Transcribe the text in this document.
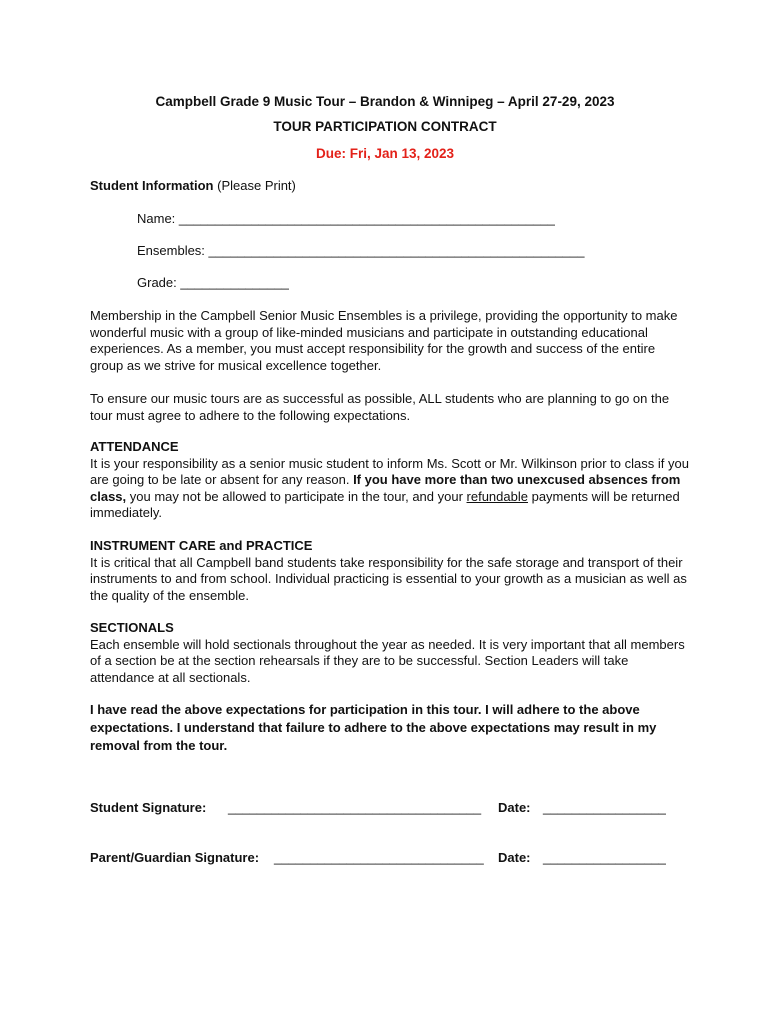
Campbell Grade 9 Music Tour – Brandon & Winnipeg – April 27-29, 2023
TOUR PARTICIPATION CONTRACT
Due: Fri, Jan 13, 2023
Student Information (Please Print)
Name: ____________________________________________________
Ensembles: ____________________________________________________
Grade: _______________
Membership in the Campbell Senior Music Ensembles is a privilege, providing the opportunity to make wonderful music with a group of like-minded musicians and participate in outstanding educational experiences. As a member, you must accept responsibility for the growth and success of the entire group as we strive for musical excellence together.
To ensure our music tours are as successful as possible, ALL students who are planning to go on the tour must agree to adhere to the following expectations.
ATTENDANCE
It is your responsibility as a senior music student to inform Ms. Scott or Mr. Wilkinson prior to class if you are going to be late or absent for any reason. If you have more than two unexcused absences from class, you may not be allowed to participate in the tour, and your refundable payments will be returned immediately.
INSTRUMENT CARE and PRACTICE
It is critical that all Campbell band students take responsibility for the safe storage and transport of their instruments to and from school. Individual practicing is essential to your growth as a musician as well as the quality of the ensemble.
SECTIONALS
Each ensemble will hold sectionals throughout the year as needed. It is very important that all members of a section be at the section rehearsals if they are to be successful. Section Leaders will take attendance at all sectionals.
I have read the above expectations for participation in this tour. I will adhere to the above expectations. I understand that failure to adhere to the above expectations may result in my removal from the tour.
Student Signature: ___________________________________ Date: _________________
Parent/Guardian Signature: _____________________________ Date: _________________
